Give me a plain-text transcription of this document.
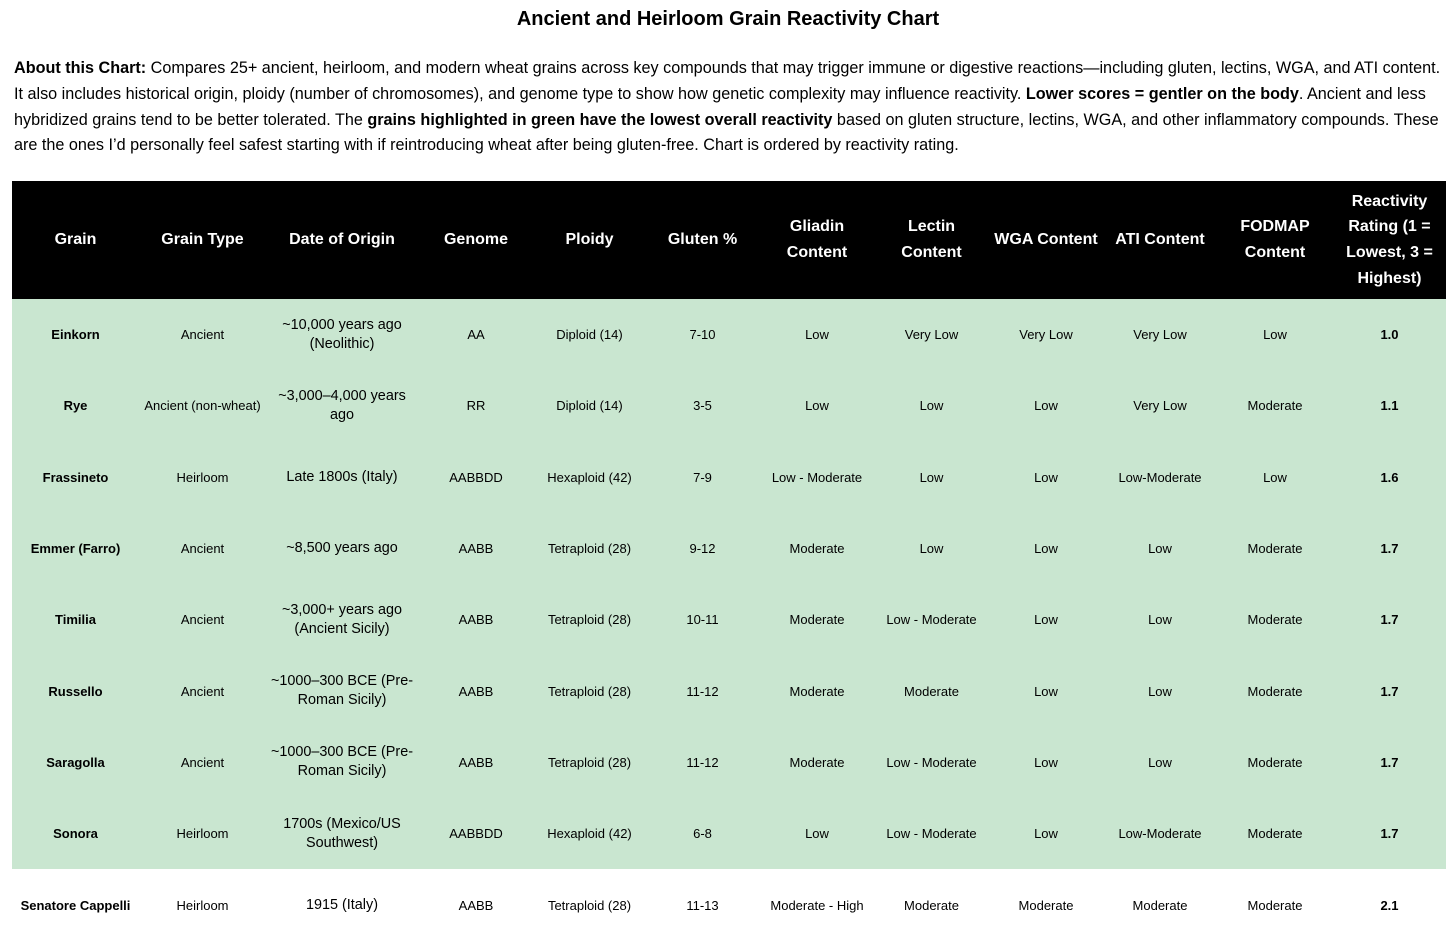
Ancient and Heirloom Grain Reactivity Chart
About this Chart: Compares 25+ ancient, heirloom, and modern wheat grains across key compounds that may trigger immune or digestive reactions—including gluten, lectins, WGA, and ATI content. It also includes historical origin, ploidy (number of chromosomes), and genome type to show how genetic complexity may influence reactivity. Lower scores = gentler on the body. Ancient and less hybridized grains tend to be better tolerated. The grains highlighted in green have the lowest overall reactivity based on gluten structure, lectins, WGA, and other inflammatory compounds. These are the ones I’d personally feel safest starting with if reintroducing wheat after being gluten-free. Chart is ordered by reactivity rating.
Grain	Grain Type	Date of Origin	Genome	Ploidy	Gluten %	Gliadin Content	Lectin Content	WGA Content	ATI Content	FODMAP Content	Reactivity Rating (1 = Lowest, 3 = Highest)
Einkorn	Ancient	~10,000 years ago (Neolithic)	AA	Diploid (14)	7-10	Low	Very Low	Very Low	Very Low	Low	1.0
Rye	Ancient (non-wheat)	~3,000–4,000 years ago	RR	Diploid (14)	3-5	Low	Low	Low	Very Low	Moderate	1.1
Frassineto	Heirloom	Late 1800s (Italy)	AABBDD	Hexaploid (42)	7-9	Low - Moderate	Low	Low	Low-Moderate	Low	1.6
Emmer (Farro)	Ancient	~8,500 years ago	AABB	Tetraploid (28)	9-12	Moderate	Low	Low	Low	Moderate	1.7
Timilia	Ancient	~3,000+ years ago (Ancient Sicily)	AABB	Tetraploid (28)	10-11	Moderate	Low - Moderate	Low	Low	Moderate	1.7
Russello	Ancient	~1000–300 BCE (Pre-Roman Sicily)	AABB	Tetraploid (28)	11-12	Moderate	Moderate	Low	Low	Moderate	1.7
Saragolla	Ancient	~1000–300 BCE (Pre-Roman Sicily)	AABB	Tetraploid (28)	11-12	Moderate	Low - Moderate	Low	Low	Moderate	1.7
Sonora	Heirloom	1700s (Mexico/US Southwest)	AABBDD	Hexaploid (42)	6-8	Low	Low - Moderate	Low	Low-Moderate	Moderate	1.7
Senatore Cappelli	Heirloom	1915 (Italy)	AABB	Tetraploid (28)	11-13	Moderate - High	Moderate	Moderate	Moderate	Moderate	2.1
